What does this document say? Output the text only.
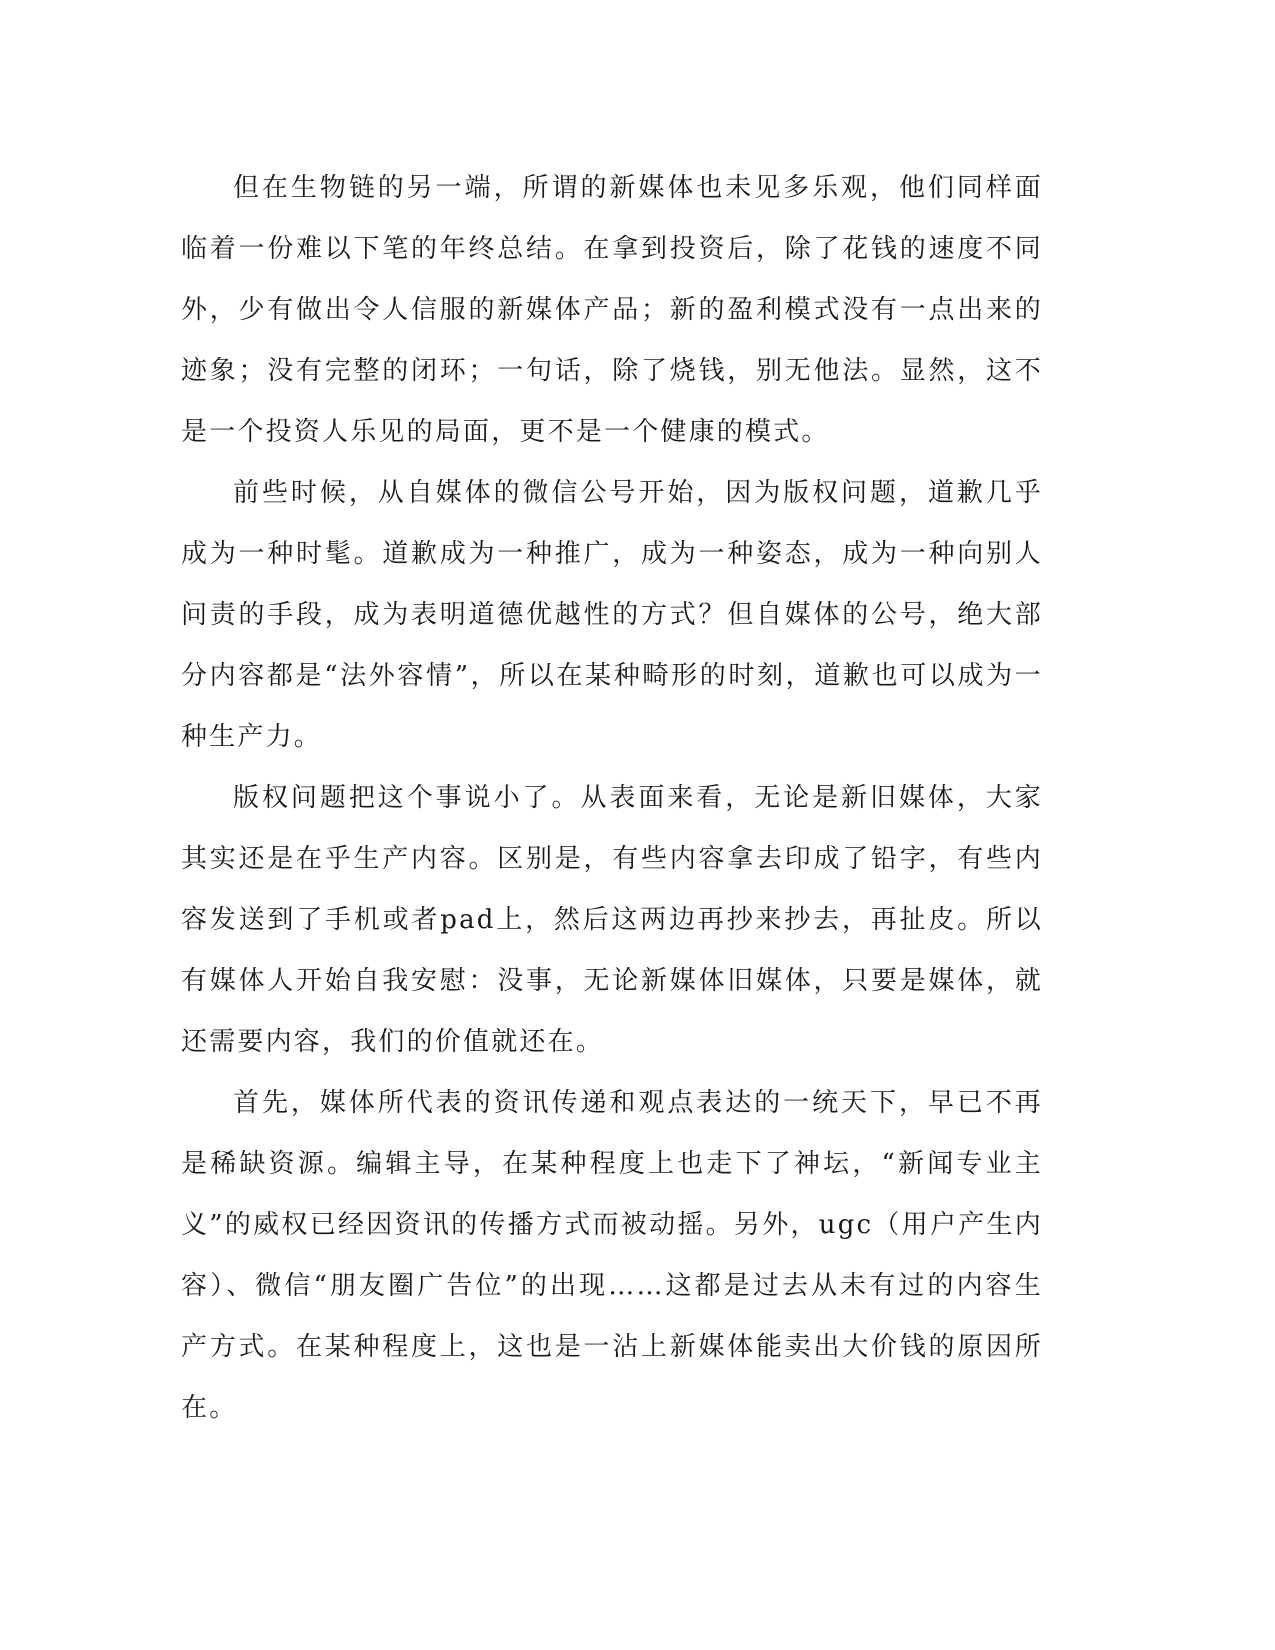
但在生物链的另一端，所谓的新媒体也未见多乐观，他们同样面临着一份难以下笔的年终总结。在拿到投资后，除了花钱的速度不同外，少有做出令人信服的新媒体产品；新的盈利模式没有一点出来的迹象；没有完整的闭环；一句话，除了烧钱，别无他法。显然，这不是一个投资人乐见的局面，更不是一个健康的模式。

前些时候，从自媒体的微信公号开始，因为版权问题，道歉几乎成为一种时髦。道歉成为一种推广，成为一种姿态，成为一种向别人问责的手段，成为表明道德优越性的方式？但自媒体的公号，绝大部分内容都是“法外容情”，所以在某种畸形的时刻，道歉也可以成为一种生产力。

版权问题把这个事说小了。从表面来看，无论是新旧媒体，大家其实还是在乎生产内容。区别是，有些内容拿去印成了铅字，有些内容发送到了手机或者pad上，然后这两边再抄来抄去，再扯皮。所以有媒体人开始自我安慰：没事，无论新媒体旧媒体，只要是媒体，就还需要内容，我们的价值就还在。

首先，媒体所代表的资讯传递和观点表达的一统天下，早已不再是稀缺资源。编辑主导，在某种程度上也走下了神坛，“新闻专业主义”的威权已经因资讯的传播方式而被动摇。另外，ugc（用户产生内容）、微信“朋友圈广告位”的出现……这都是过去从未有过的内容生产方式。在某种程度上，这也是一沾上新媒体能卖出大价钱的原因所在。
